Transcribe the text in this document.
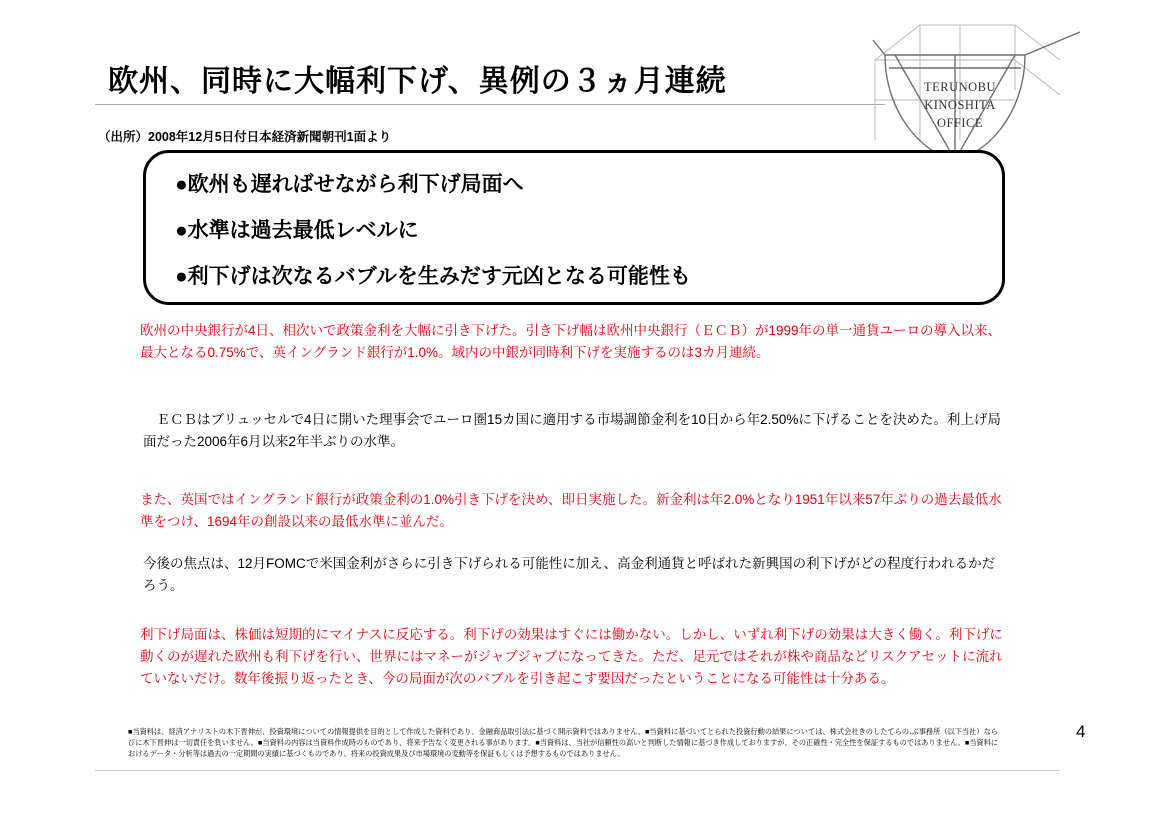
欧州、同時に大幅利下げ、異例の３ヵ月連続
（出所）2008年12月5日付日本経済新聞朝刊1面より
TERUNOBU
KINOSHITA
OFFICE
●欧州も遅ればせながら利下げ局面へ
●水準は過去最低レベルに
●利下げは次なるバブルを生みだす元凶となる可能性も
欧州の中央銀行が4日、相次いで政策金利を大幅に引き下げた。引き下げ幅は欧州中央銀行（ＥＣＢ）が1999年の単一通貨ユーロの導入以来、最大となる0.75%で、英イングランド銀行が1.0%。域内の中銀が同時利下げを実施するのは3カ月連続。
　ＥＣＢはブリュッセルで4日に開いた理事会でユーロ圏15カ国に適用する市場調節金利を10日から年2.50%に下げることを決めた。利上げ局面だった2006年6月以来2年半ぶりの水準。
また、英国ではイングランド銀行が政策金利の1.0%引き下げを決め、即日実施した。新金利は年2.0%となり1951年以来57年ぶりの過去最低水準をつけ、1694年の創設以来の最低水準に並んだ。
今後の焦点は、12月FOMCで米国金利がさらに引き下げられる可能性に加え、高金利通貨と呼ばれた新興国の利下げがどの程度行われるかだろう。
利下げ局面は、株価は短期的にマイナスに反応する。利下げの効果はすぐには働かない。しかし、いずれ利下げの効果は大きく働く。利下げに動くのが遅れた欧州も利下げを行い、世界にはマネーがジャブジャブになってきた。ただ、足元ではそれが株や商品などリスクアセットに流れていないだけ。数年後振り返ったとき、今の局面が次のバブルを引き起こす要因だったということになる可能性は十分ある。
■当資料は、経済アナリストの木下晋伸が、投資環境についての情報提供を目的として作成した資料であり、金融商品取引法に基づく開示資料ではありません。■当資料に基づいてとられた投資行動の結果については、株式会社きのしたてらの،ぶ事務所（以下当社）ならびに木下晋伸は一切責任を負いません。■当資料の内容は当資料作成時のものであり、将来予告なく変更される事があります。■当資料は、当社が信頼性の高いと判断した情報に基づき作成しておりますが、その正確性・完全性を保証するものではありません。■当資料におけるデータ・分析等は過去の一定期間の実績に基づくものであり、将来の投資成果及び市場環境の変動等を保証もしくは予想するものではありません。
4
